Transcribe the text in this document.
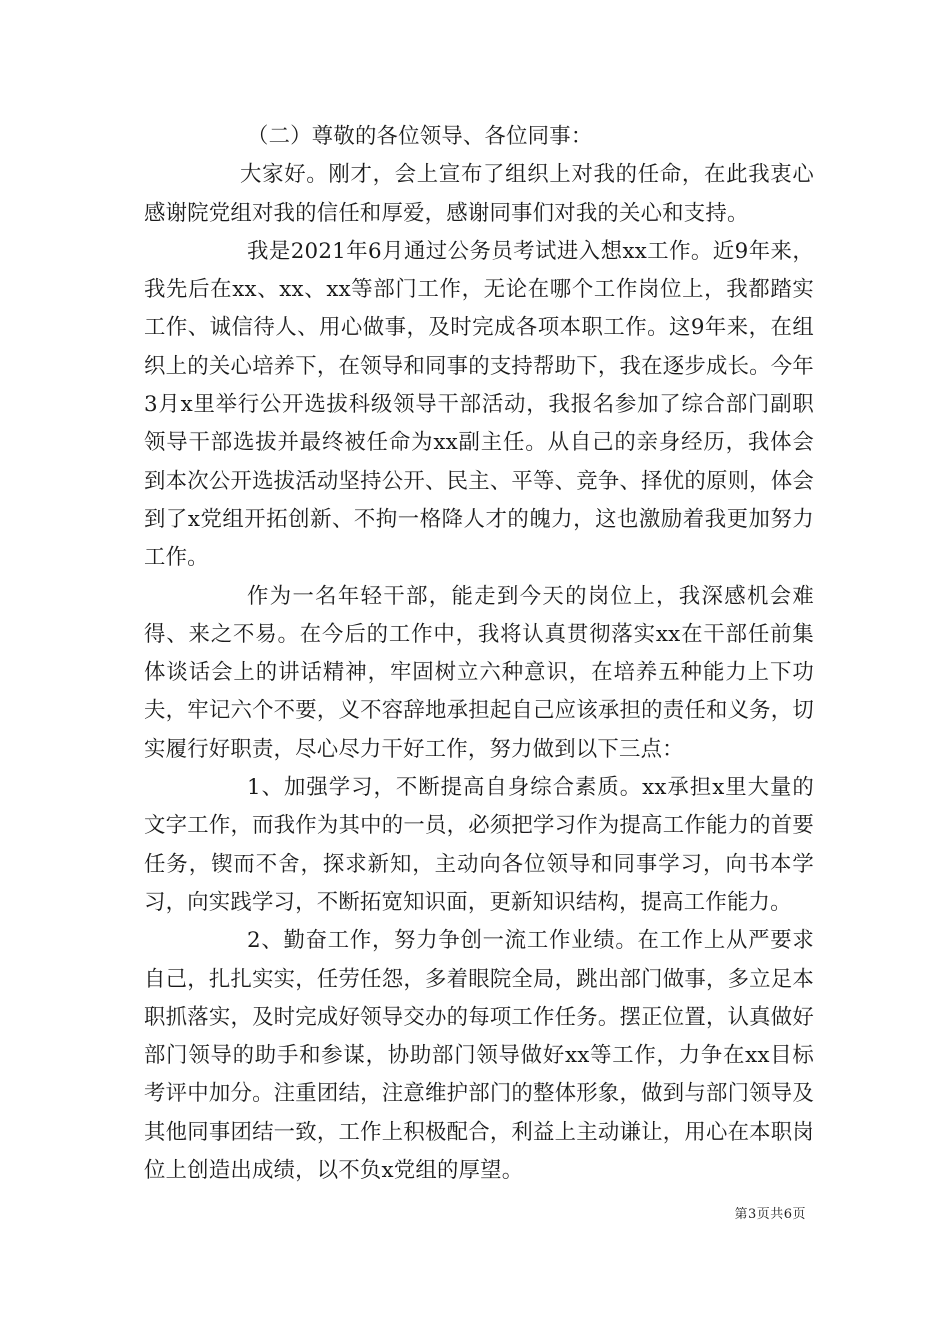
（二）尊敬的各位领导、各位同事：

大家好。刚才，会上宣布了组织上对我的任命，在此我衷心感谢院党组对我的信任和厚爱，感谢同事们对我的关心和支持。

我是2021年6月通过公务员考试进入想xx工作。近9年来，我先后在xx、xx、xx等部门工作，无论在哪个工作岗位上，我都踏实工作、诚信待人、用心做事，及时完成各项本职工作。这9年来，在组织上的关心培养下，在领导和同事的支持帮助下，我在逐步成长。今年3月x里举行公开选拔科级领导干部活动，我报名参加了综合部门副职领导干部选拔并最终被任命为xx副主任。从自己的亲身经历，我体会到本次公开选拔活动坚持公开、民主、平等、竞争、择优的原则，体会到了x党组开拓创新、不拘一格降人才的魄力，这也激励着我更加努力工作。

作为一名年轻干部，能走到今天的岗位上，我深感机会难得、来之不易。在今后的工作中，我将认真贯彻落实xx在干部任前集体谈话会上的讲话精神，牢固树立六种意识，在培养五种能力上下功夫，牢记六个不要，义不容辞地承担起自己应该承担的责任和义务，切实履行好职责，尽心尽力干好工作，努力做到以下三点：

1、加强学习，不断提高自身综合素质。xx承担x里大量的文字工作，而我作为其中的一员，必须把学习作为提高工作能力的首要任务，锲而不舍，探求新知，主动向各位领导和同事学习，向书本学习，向实践学习，不断拓宽知识面，更新知识结构，提高工作能力。

2、勤奋工作，努力争创一流工作业绩。在工作上从严要求自己，扎扎实实，任劳任怨，多着眼院全局，跳出部门做事，多立足本职抓落实，及时完成好领导交办的每项工作任务。摆正位置，认真做好部门领导的助手和参谋，协助部门领导做好xx等工作，力争在xx目标考评中加分。注重团结，注意维护部门的整体形象，做到与部门领导及其他同事团结一致，工作上积极配合，利益上主动谦让，用心在本职岗位上创造出成绩，以不负x党组的厚望。

第3页共6页
